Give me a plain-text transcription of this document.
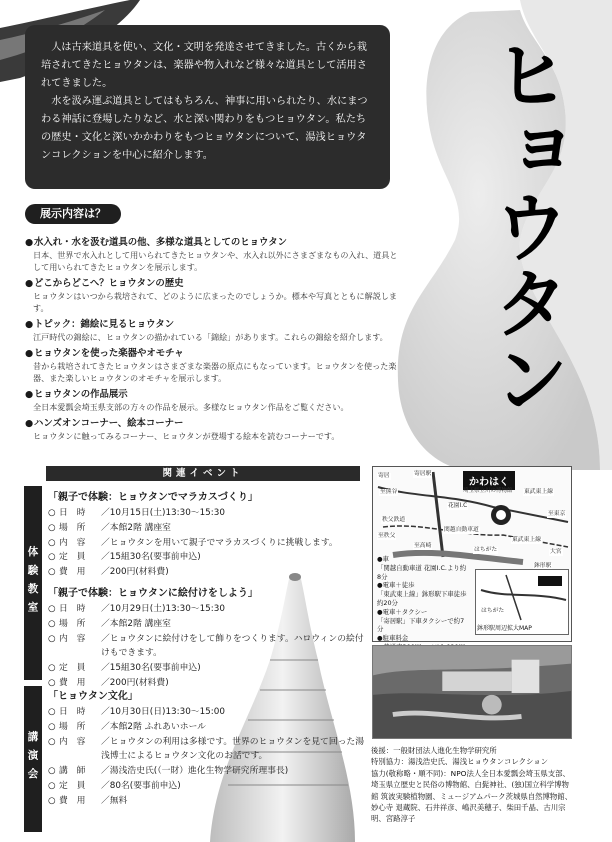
人は古来道具を使い、文化・文明を発達させてきました。古くから栽培されてきたヒョウタンは、楽器や物入れなど様々な道具として活用されてきました。

水を汲み運ぶ道具としてはもちろん、神事に用いられたり、水にまつわる神話に登場したりなど、水と深い関わりをもつヒョウタン。私たちの歴史・文化と深いかかわりをもつヒョウタンについて、湯浅ヒョウタンコレクションを中心に紹介します。	ヒョウタン
展示内容は？
●水入れ・水を汲む道具の他、多様な道具としてのヒョウタン
日本、世界で水入れとして用いられてきたヒョウタンや、水入れ以外にさまざまなもの入れ、道具として用いられてきたヒョウタンを展示します。
●どこからどこへ？ヒョウタンの歴史
ヒョウタンはいつから栽培されて、どのように広まったのでしょうか。標本や写真とともに解説します。
●トピック：錦絵に見るヒョウタン
江戸時代の錦絵に、ヒョウタンの描かれている「錦絵」があります。これらの錦絵を紹介します。
●ヒョウタンを使った楽器やオモチャ
昔から栽培されてきたヒョウタンはさまざまな楽器の原点にもなっています。ヒョウタンを使った楽器、また楽しいヒョウタンのオモチャを展示します。
●ヒョウタンの作品展示
全日本愛瓢会埼玉県支部の方々の作品を展示。多様なヒョウタン作品をご覧ください。
●ハンズオンコーナー、絵本コーナー
ヒョウタンに触ってみるコーナー、ヒョウタンが登場する絵本を読むコーナーです。
関連イベント
体験教室
講演会
「親子で体験：ヒョウタンでマラカスづくり」
○ 日　時	／10月15日(土)13:30～15:30
○ 場　所	／本館2階 講座室
○ 内　容	／ヒョウタンを用いて親子でマラカスづくりに挑戦します。
○ 定　員	／15組30名(要事前申込)
○ 費　用	／200円(材料費)
「親子で体験：ヒョウタンに絵付けをしよう」
○ 日　時	／10月29日(土)13:30～15:30
○ 場　所	／本館2階 講座室
○ 内　容	／ヒョウタンに絵付けをして飾りをつくります。ハロウィンの絵付けもできます。
○ 定　員	／15組30名(要事前申込)
○ 費　用	／200円(材料費)
「ヒョウタン文化」
○ 日　時	／10月30日(日)13:30～15:00
○ 場　所	／本館2階 ふれあいホール
○ 内　容	／ヒョウタンの利用は多様です。世界のヒョウタンを見て回った湯浅博士によるヒョウタン文化のお話です。
○ 講　師	／湯浅浩史氏(（一財）進化生物学研究所理事長)
○ 定　員	／80名(要事前申込)
○ 費　用	／無料
かわはく
埼玉県立川の博物館
寄居
至熊谷	東武東上線
秩父鉄道
至秩父
至東京
花園I.C
関越自動車道
至高崎
はちがた
東武東上線
大宮
寄居駅
鉢形駅
●車
「関越自動車道 花園I.C.より約8分
●電車＋徒歩
「東武東上線」鉢形駅下車徒歩約20分
●電車＋タクシー
「寄居駅」下車タクシーで約7分
●駐車料金
はちがた
鉢形駅周辺拡大MAP
後援：一般財団法人進化生物学研究所
特別協力：湯浅浩史氏、湯浅ヒョウタンコレクション
協力(敬称略・順不同)：NPO法人全日本愛瓢会埼玉県支部、埼玉県立歴史と民俗の博物館、白髭神社、(独)国立科学博物館 筑波実験植物園、ミュージアムパーク茨城県自然博物館、妙心寺 退蔵院、石井祥彦、嶋沢美穂子、柴田千晶、古川宗明、宮路淳子
